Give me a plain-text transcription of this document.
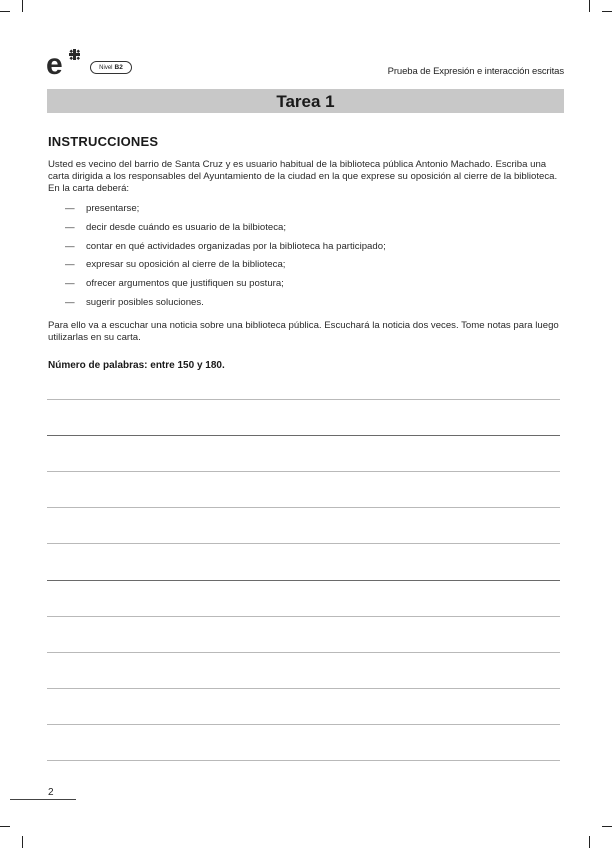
e	Nivel B2	Prueba de Expresión e interacción escritas
Tarea 1
INSTRUCCIONES

Usted es vecino del barrio de Santa Cruz y es usuario habitual de la biblioteca pública Antonio Machado. Escriba una carta dirigida a los responsables del Ayuntamiento de la ciudad en la que exprese su oposición al cierre de la biblioteca. En la carta deberá:

—	presentarse;
—	decir desde cuándo es usuario de la bilbioteca;
—	contar en qué actividades organizadas por la biblioteca ha participado;
—	expresar su oposición al cierre de la biblioteca;
—	ofrecer argumentos que justifiquen su postura;
—	sugerir posibles soluciones.

Para ello va a escuchar una noticia sobre una biblioteca pública. Escuchará la noticia dos veces. Tome notas para luego utilizarlas en su carta.

Número de palabras: entre 150 y 180.
2
